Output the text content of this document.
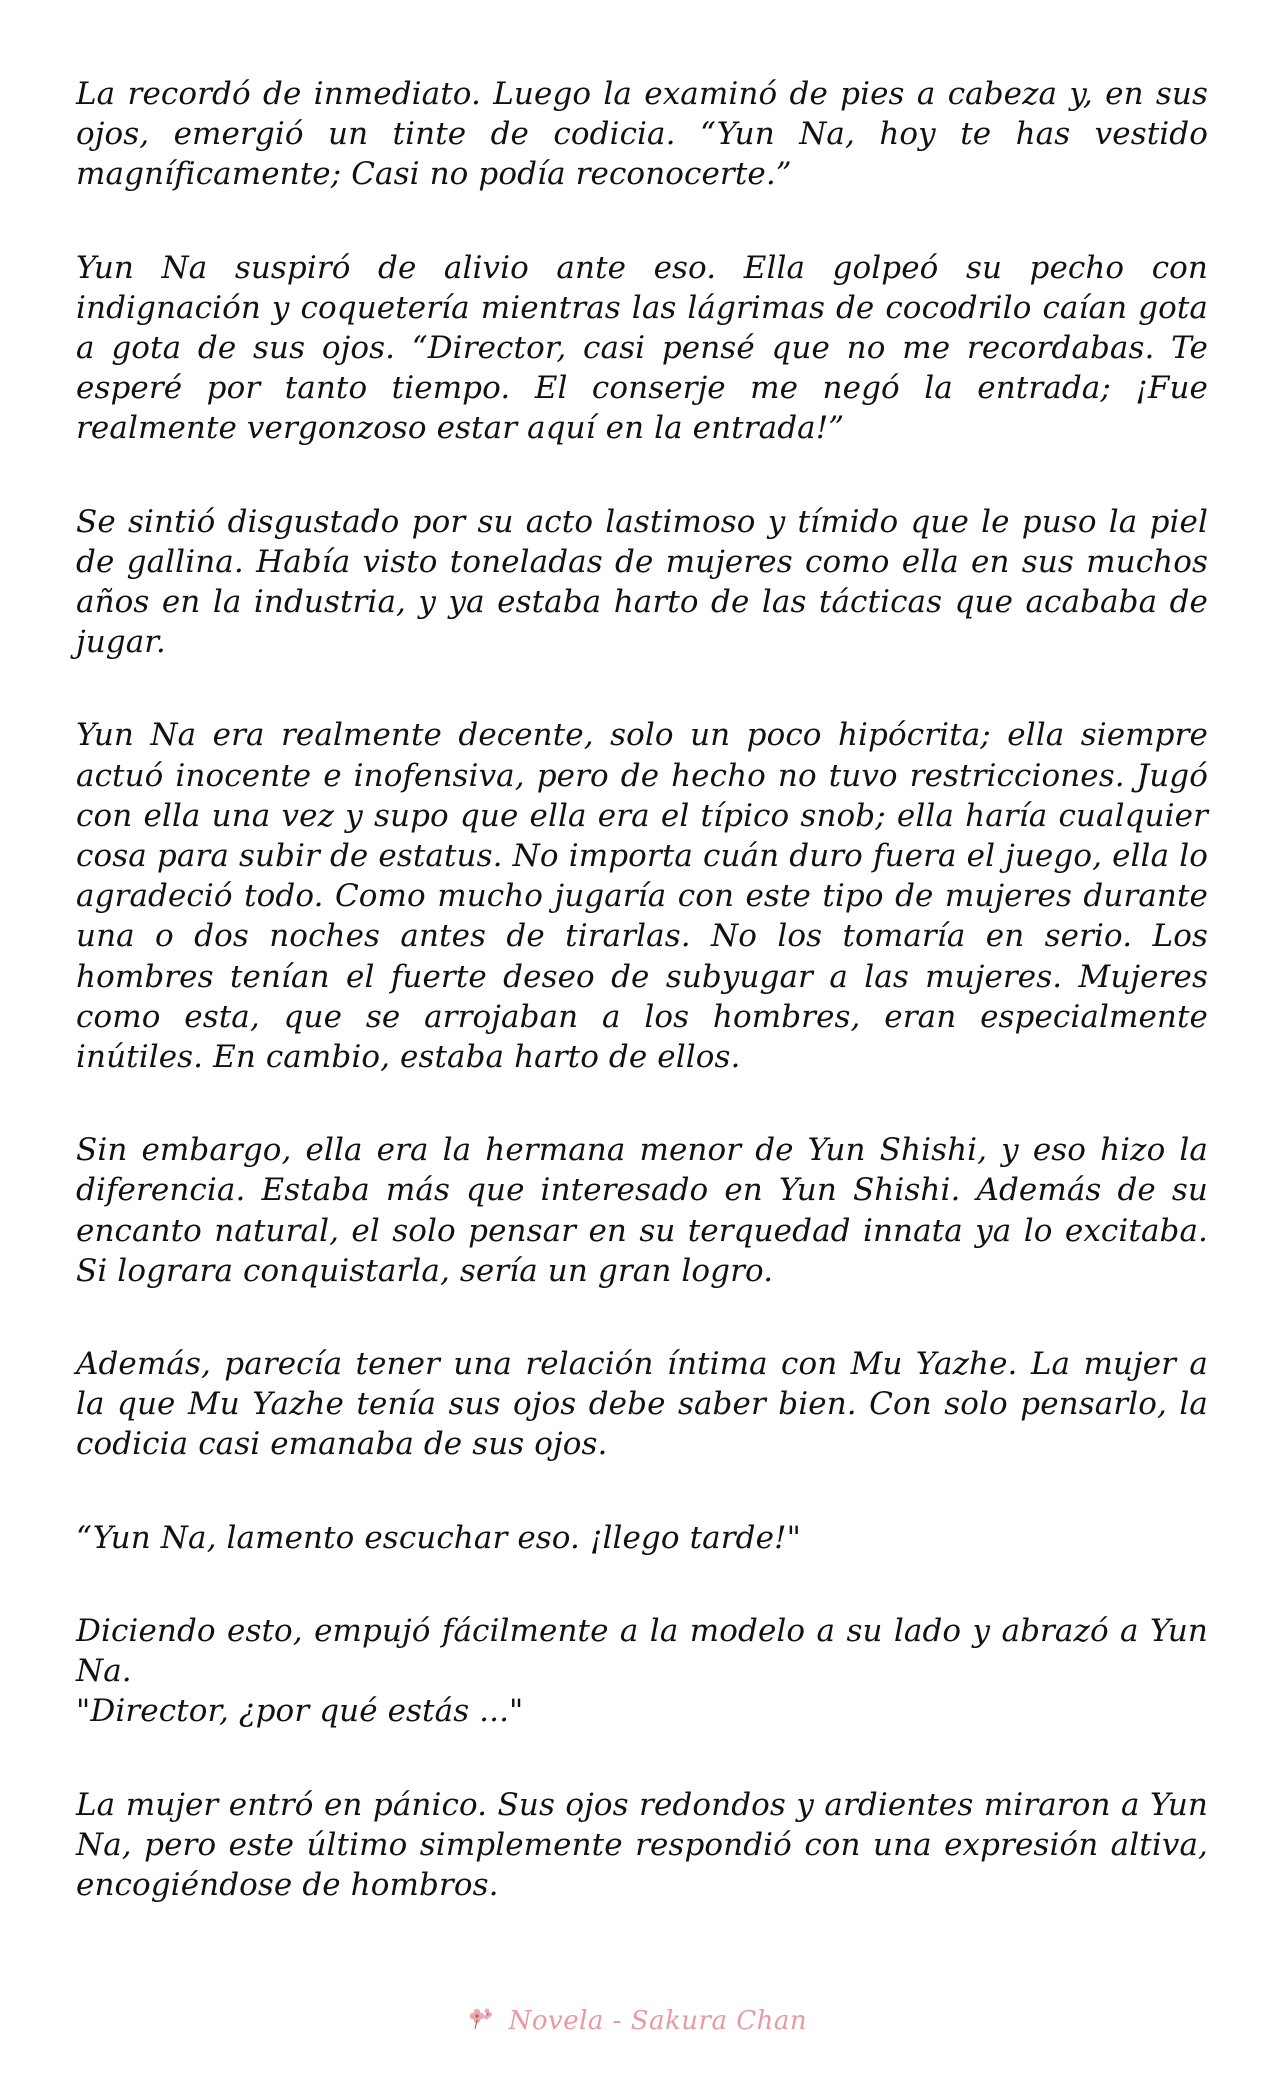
La recordó de inmediato. Luego la examinó de pies a cabeza y, en sus ojos, emergió un tinte de codicia. “Yun Na, hoy te has vestido magníficamente; Casi no podía reconocerte.”

Yun Na suspiró de alivio ante eso. Ella golpeó su pecho con indignación y coquetería mientras las lágrimas de cocodrilo caían gota a gota de sus ojos. “Director, casi pensé que no me recordabas. Te esperé por tanto tiempo. El conserje me negó la entrada; ¡Fue realmente vergonzoso estar aquí en la entrada!”

Se sintió disgustado por su acto lastimoso y tímido que le puso la piel de gallina. Había visto toneladas de mujeres como ella en sus muchos años en la industria, y ya estaba harto de las tácticas que acababa de jugar.

Yun Na era realmente decente, solo un poco hipócrita; ella siempre actuó inocente e inofensiva, pero de hecho no tuvo restricciones. Jugó con ella una vez y supo que ella era el típico snob; ella haría cualquier cosa para subir de estatus. No importa cuán duro fuera el juego, ella lo agradeció todo. Como mucho jugaría con este tipo de mujeres durante una o dos noches antes de tirarlas. No los tomaría en serio. Los hombres tenían el fuerte deseo de subyugar a las mujeres. Mujeres como esta, que se arrojaban a los hombres, eran especialmente inútiles. En cambio, estaba harto de ellos.

Sin embargo, ella era la hermana menor de Yun Shishi, y eso hizo la diferencia. Estaba más que interesado en Yun Shishi. Además de su encanto natural, el solo pensar en su terquedad innata ya lo excitaba. Si lograra conquistarla, sería un gran logro.

Además, parecía tener una relación íntima con Mu Yazhe. La mujer a la que Mu Yazhe tenía sus ojos debe saber bien. Con solo pensarlo, la codicia casi emanaba de sus ojos.

“Yun Na, lamento escuchar eso. ¡llego tarde!"

Diciendo esto, empujó fácilmente a la modelo a su lado y abrazó a Yun Na.

"Director, ¿por qué estás ..."

La mujer entró en pánico. Sus ojos redondos y ardientes miraron a Yun Na, pero este último simplemente respondió con una expresión altiva, encogiéndose de hombros.

Novela - Sakura Chan
